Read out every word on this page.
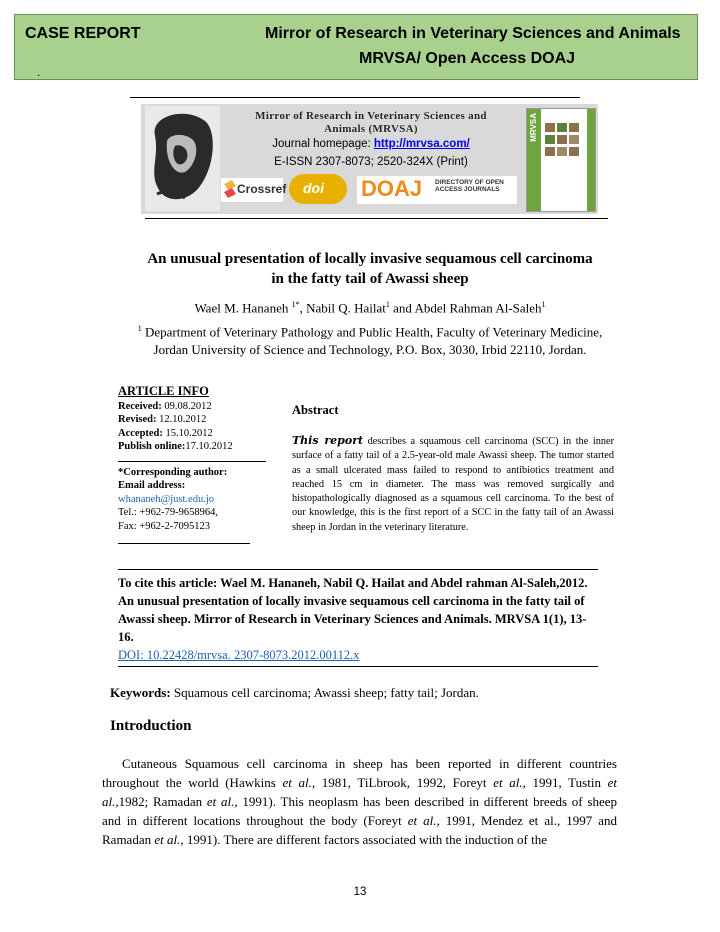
CASE REPORT	Mirror of Research in Veterinary Sciences and Animals
MRVSA/ Open Access DOAJ
.
Mirror of Research in Veterinary Sciences and
Animals (MRVSA)
Journal homepage: http://mrvsa.com/
E-ISSN 2307-8073; 2520-324X (Print)
Crossref doi DOAJ DIRECTORY OF OPEN ACCESS JOURNALS
MRVSA
An unusual presentation of locally invasive sequamous cell carcinoma
in the fatty tail of Awassi sheep
Wael M. Hananeh $^{1*}$, Nabil Q. Hailat$^1$ and Abdel Rahman Al-Saleh$^1$
$^1$ Department of Veterinary Pathology and Public Health, Faculty of Veterinary Medicine,
Jordan University of Science and Technology, P.O. Box, 3030, Irbid 22110, Jordan.
ARTICLE INFO
Received: 09.08.2012
Revised: 12.10.2012
Accepted: 15.10.2012
Publish online:17.10.2012
*Corresponding author:
Email address:
whananeh@just.edu.jo
Tel.: +962-79-9658964,
Fax: +962-2-7095123
Abstract
This report describes a squamous cell carcinoma (SCC) in the inner surface of a fatty tail of a 2.5-year-old male Awassi sheep. The tumor started as a small ulcerated mass failed to respond to antibiotics treatment and reached 15 cm in diameter. The mass was removed surgically and histopathologically diagnosed as a squamous cell carcinoma. To the best of our knowledge, this is the first report of a SCC in the fatty tail of an Awassi sheep in Jordan in the veterinary literature.
To cite this article: Wael M. Hananeh, Nabil Q. Hailat and Abdel rahman Al-Saleh,2012. An unusual presentation of locally invasive sequamous cell carcinoma in the fatty tail of Awassi sheep. Mirror of Research in Veterinary Sciences and Animals. MRVSA 1(1), 13-16.
DOI: 10.22428/mrvsa. 2307-8073.2012.00112.x
Keywords: Squamous cell carcinoma; Awassi sheep; fatty tail; Jordan.
Introduction
Cutaneous Squamous cell carcinoma in sheep has been reported in different countries
throughout the world (Hawkins et al., 1981, TiLbrook, 1992, Foreyt et al., 1991, Tustin et al.,1982; Ramadan et al., 1991). This neoplasm has been described in different breeds of sheep and in different locations throughout the body (Foreyt et al., 1991, Mendez et al., 1997 and Ramadan et al., 1991). There are different factors associated with the induction of the
13
